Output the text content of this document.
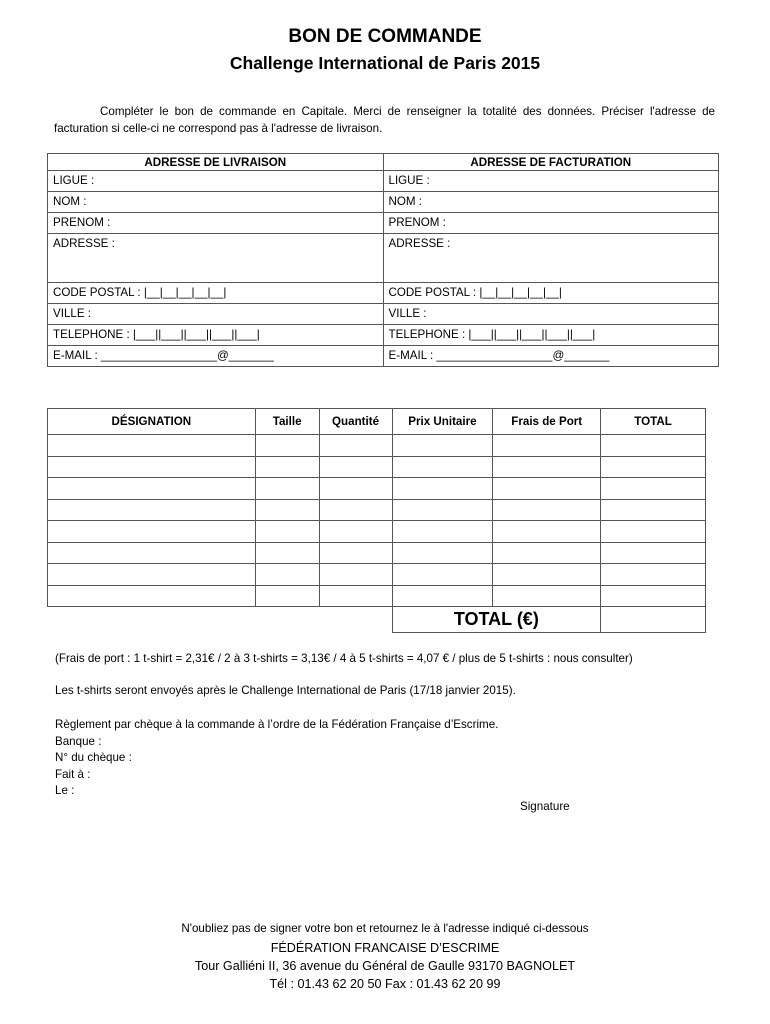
BON DE COMMANDE
Challenge International de Paris 2015
Compléter le bon de commande en Capitale. Merci de renseigner la totalité des données. Préciser l'adresse de facturation si celle-ci ne correspond pas à l'adresse de livraison.
ADRESSE DE LIVRAISON	ADRESSE DE FACTURATION
LIGUE :	LIGUE :
NOM :	NOM :
PRENOM :	PRENOM :
ADRESSE :	ADRESSE :
CODE POSTAL : |__|__|__|__|__|	CODE POSTAL : |__|__|__|__|__|
VILLE :	VILLE :
TELEPHONE : |___||___||___||___||___|	TELEPHONE : |___||___||___||___||___|
E-MAIL : __________________@_______	E-MAIL : __________________@_______
DÉSIGNATION	Taille	Quantité	Prix Unitaire	Frais de Port	TOTAL

			TOTAL (€)		
(Frais de port : 1 t-shirt = 2,31€ / 2 à 3 t-shirts = 3,13€ / 4 à 5 t-shirts = 4,07 € / plus de 5 t-shirts : nous consulter)
Les t-shirts seront envoyés après le Challenge International de Paris (17/18 janvier 2015).
Règlement par chèque à la commande à l’ordre de la Fédération Française d’Escrime.
Banque :
N° du chèque :
Fait à :
Le :
Signature
N'oubliez pas de signer votre bon et retournez le à l'adresse indiqué ci-dessous
FÉDÉRATION FRANCAISE D’ESCRIME
Tour Galliéni II, 36 avenue du Général de Gaulle 93170 BAGNOLET
Tél : 01.43 62 20 50 Fax : 01.43 62 20 99
